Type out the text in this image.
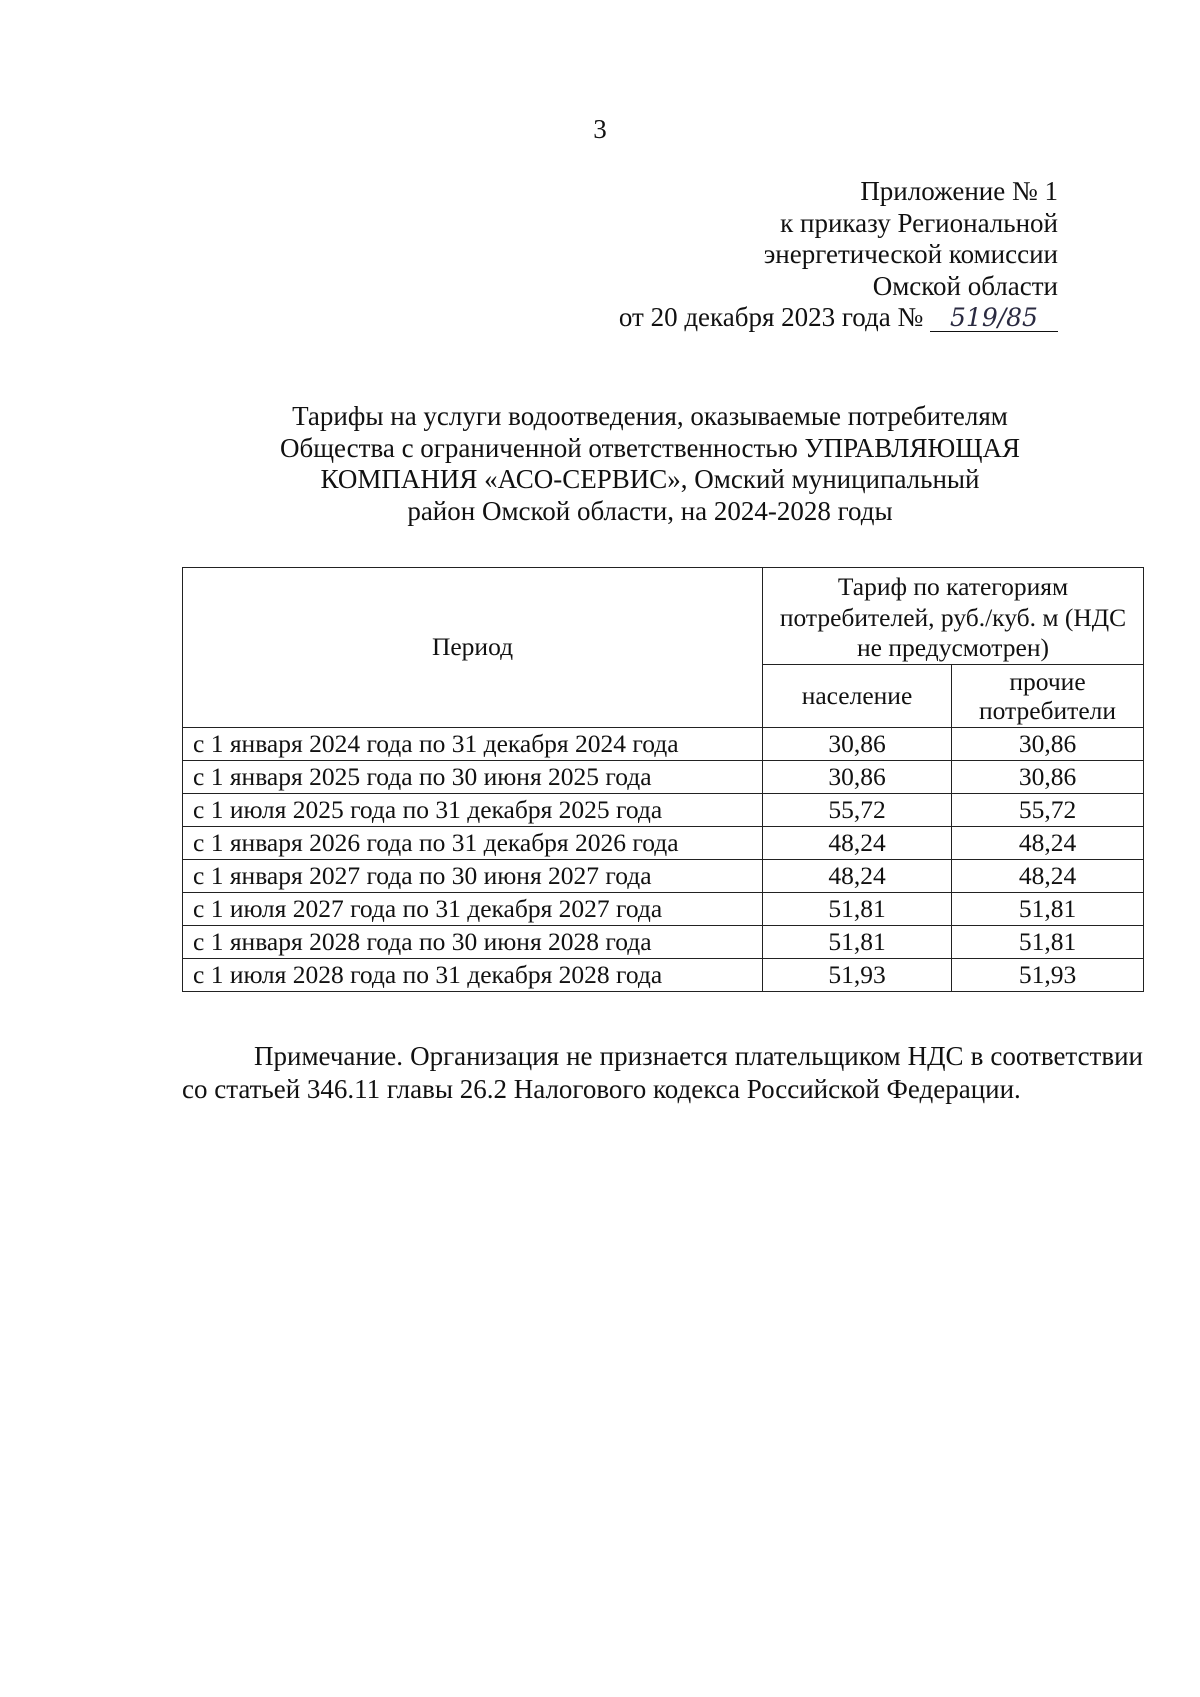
3
Приложение № 1
к приказу Региональной
энергетической комиссии
Омской области
от 20 декабря 2023 года № 519/85
Тарифы на услуги водоотведения, оказываемые потребителям
Общества с ограниченной ответственностью УПРАВЛЯЮЩАЯ
КОМПАНИЯ «АСО-СЕРВИС», Омский муниципальный
район Омской области, на 2024-2028 годы
Период	Тариф по категориям потребителей, руб./куб. м (НДС не предусмотрен)	
	население	прочие потребители
с 1 января 2024 года по 31 декабря 2024 года	30,86	30,86
с 1 января 2025 года по 30 июня 2025 года	30,86	30,86
с 1 июля 2025 года по 31 декабря 2025 года	55,72	55,72
с 1 января 2026 года по 31 декабря 2026 года	48,24	48,24
с 1 января 2027 года по 30 июня 2027 года	48,24	48,24
с 1 июля 2027 года по 31 декабря 2027 года	51,81	51,81
с 1 января 2028 года по 30 июня 2028 года	51,81	51,81
с 1 июля 2028 года по 31 декабря 2028 года	51,93	51,93
Примечание. Организация не признается плательщиком НДС в соответствии со статьей 346.11 главы 26.2 Налогового кодекса Российской Федерации.
